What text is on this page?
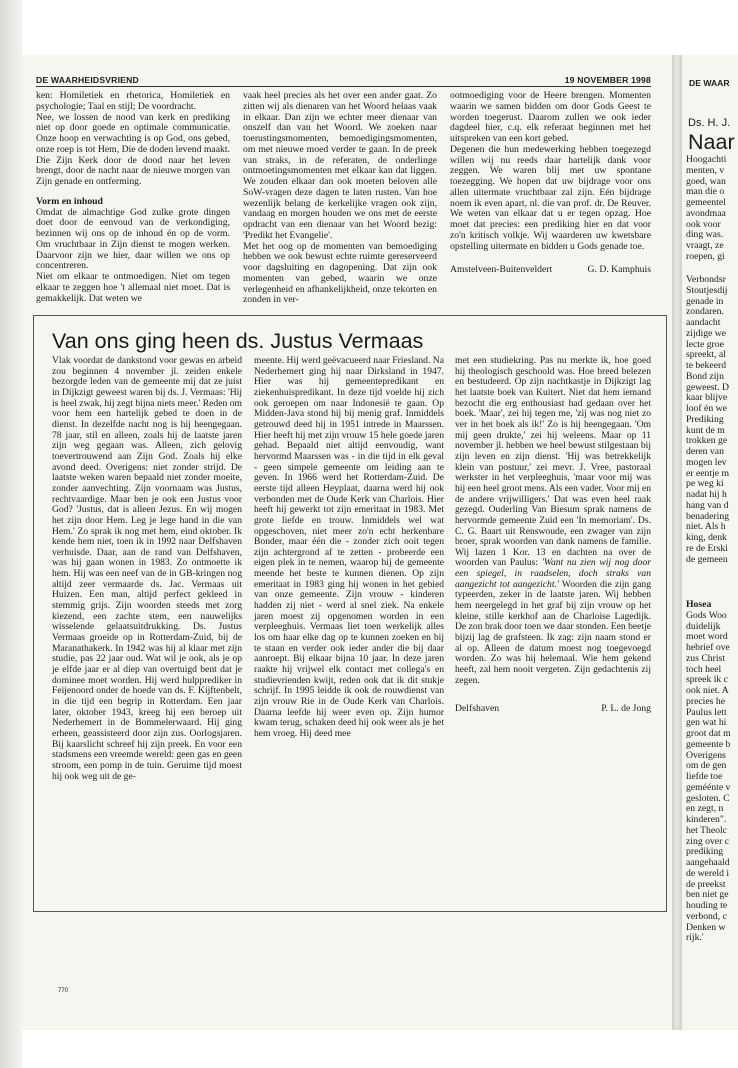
DE WAARHEIDSVRIEND	19 NOVEMBER 1998

ken: Homiletiek en rhetorica, Homiletiek en psychologie; Taal en stijl; De voordracht.

Nee, we lossen de nood van kerk en prediking niet op door goede en optimale communicatie. Onze hoop en verwachting is op God, ons gebed, onze roep is tot Hem, Die de doden levend maakt. Die Zijn Kerk door de dood naar het leven brengt, door de nacht naar de nieuwe morgen van Zijn genade en ontferming.

Vorm en inhoud

Omdat de almachtige God zulke grote dingen doet door de eenvoud van de verkondiging, bezinnen wij ons op de inhoud én op de vorm. Om vruchtbaar in Zijn dienst te mogen werken. Daarvoor zijn we hier, daar willen we ons op concentreren.

Niet om elkaar te ontmoedigen. Niet om tegen elkaar te zeggen hoe 't allemaal niet moet. Dat is gemakkelijk. Dat weten we

vaak heel precies als het over een ander gaat. Zo zitten wij als dienaren van het Woord helaas vaak in elkaar. Dan zijn we echter meer dienaar van onszelf dan van het Woord. We zoeken naar toerustingsmomenten, bemoedigingsmomenten, om met nieuwe moed verder te gaan. In de preek van straks, in de referaten, de onderlinge ontmoetingsmomenten met elkaar kan dat liggen. We zouden elkaar dan ook moeten beloven alle SoW-vragen deze dagen te laten rusten. Van hoe wezenlijk belang de kerkelijke vragen ook zijn, vandaag en morgen houden we ons met de eerste opdracht van een dienaar van het Woord bezig: 'Predikt het Evangelie'.

Met het oog op de momenten van bemoediging hebben we ook bewust echte ruimte gereserveerd voor dagsluiting en dagopening. Dat zijn ook momenten van gebed, waarin we onze verlegenheid en afhankelijkheid, onze tekorten en zonden in ver-

ootmoediging voor de Heere brengen. Momenten waarin we samen bidden om door Gods Geest te worden toegerust. Daarom zullen we ook ieder dagdeel hier, c.q. elk referaat beginnen met het uitspreken van een kort gebed.

Degenen die hun medewerking hebben toegezegd willen wij nu reeds daar hartelijk dank voor zeggen. We waren blij met uw spontane toezegging. We hopen dat uw bijdrage voor ons allen uitermate vruchtbaar zal zijn. Eén bijdrage noem ik even apart, nl. die van prof. dr. De Reuver. We weten van elkaar dat u er tegen opzag. Hoe moet dat precies: een prediking hier en dat voor zo'n kritisch volkje. Wij waarderen uw kwetsbare opstelling uitermate en bidden u Gods genade toe.

Amstelveen-Buitenveldert	G. D. Kamphuis
770
Van ons ging heen ds. Justus Vermaas

Vlak voordat de dankstond voor gewas en arbeid zou beginnen 4 november jl. zeiden enkele bezorgde leden van de gemeente mij dat ze juist in Dijkzigt geweest waren bij ds. J. Vermaas: 'Hij is heel zwak, hij zegt bijna niets meer.' Reden om voor hem een hartelijk gebed te doen in de dienst. In dezelfde nacht nog is hij heengegaan. 78 jaar, stil en alleen, zoals hij de laatste jaren zijn weg gegaan was. Alleen, zich gelovig toevertrouwend aan Zijn God. Zoals hij elke avond deed. Overigens: niet zonder strijd. De laatste weken waren bepaald niet zonder moeite, zonder aanvechting. Zijn voornaam was Justus, rechtvaardige. Maar ben je ook een Justus voor God? 'Justus, dat is alleen Jezus. En wij mogen het zijn door Hem. Leg je lege hand in die van Hem.' Zo sprak ik nog met hem, eind oktober. Ik kende hem niet, toen ik in 1992 naar Delfshaven verhuisde. Daar, aan de rand van Delfshaven, was hij gaan wonen in 1983. Zo ontmoette ik hem. Hij was een neef van de in GB-kringen nog altijd zeer vermaarde ds. Jac. Vermaas uit Huizen. Een man, altijd perfect gekleed in stemmig grijs. Zijn woorden steeds met zorg kiezend, een zachte stem, een nauwelijks wisselende gelaatsuitdrukking. Ds. Justus Vermaas groeide op in Rotterdam-Zuid, bij de Maranathakerk. In 1942 was hij al klaar met zijn studie, pas 22 jaar oud. Wat wil je ook, als je op je elfde jaar er al diep van overtuigd bent dat je dominee moet worden. Hij werd hulpprediker in Feijenoord onder de hoede van ds. F. Kijftenbelt, in die tijd een begrip in Rotterdam. Een jaar later, oktober 1943, kreeg hij een beroep uit Nederhemert in de Bommelerwaard. Hij ging erheen, geassisteerd door zijn zus. Oorlogsjaren. Bij kaarslicht schreef hij zijn preek. En voor een stadsmens een vreemde wereld: geen gas en geen stroom, een pomp in de tuin. Geruime tijd moest hij ook weg uit de ge-

meente. Hij werd geëvacueerd naar Friesland. Na Nederhemert ging hij naar Dirksland in 1947. Hier was hij gemeentepredikant en ziekenhuispredikant. In deze tijd voelde hij zich ook geroepen om naar Indonesië te gaan. Op Midden-Java stond hij bij menig graf. Inmiddels getrouwd deed hij in 1951 intrede in Maarssen. Hier heeft hij met zijn vrouw 15 hele goede jaren gehad. Bepaald niet altijd eenvoudig, want hervormd Maarssen was - in die tijd in elk geval - geen simpele gemeente om leiding aan te geven. In 1966 werd het Rotterdam-Zuid. De eerste tijd alleen Heyplaat, daarna werd hij ook verbonden met de Oude Kerk van Charlois. Hier heeft hij gewerkt tot zijn emeritaat in 1983. Met grote liefde en trouw. Inmiddels wel wat opgeschoven, niet meer zo'n echt herkenbare Bonder, maar één die - zonder zich ooit tegen zijn achtergrond af te zetten - probeerde een eigen plek in te nemen, waarop hij de gemeente meende het beste te kunnen dienen. Op zijn emeritaat in 1983 ging hij wonen in het gebied van onze gemeente. Zijn vrouw - kinderen hadden zij niet - werd al snel ziek. Na enkele jaren moest zij opgenomen worden in een verpleeghuis. Vermaas liet toen werkelijk alles los om haar elke dag op te kunnen zoeken en bij te staan en verder ook ieder ander die bij daar aanroept. Bij elkaar bijna 10 jaar. In deze jaren raakte hij vrijwel elk contact met collega's en studievrienden kwijt, reden ook dat ik dit stukje schrijf. In 1995 leidde ik ook de rouwdienst van zijn vrouw Rie in de Oude Kerk van Charlois. Daarna leefde hij weer even op. Zijn humor kwam terug, schaken deed hij ook weer als je het hem vroeg. Hij deed mee

met een studiekring. Pas nu merkte ik, hoe goed hij theologisch geschoold was. Hoe breed belezen en bestudeerd. Op zijn nachtkastje in Dijkzigt lag het laatste boek van Kuitert. Niet dat hem iemand bezocht die erg enthousiast had gedaan over het boek. 'Maar', zei hij tegen me, 'zij was nog niet zo ver in het boek als ik!' Zo is hij heengegaan. 'Om mij geen drukte,' zei hij weleens. Maar op 11 november jl. hebben we heel bewust stilgestaan bij zijn leven en zijn dienst. 'Hij was betrekkelijk klein van postuur,' zei mevr. J. Vree, pastoraal werkster in het verpleeghuis, 'maar voor mij was hij een heel groot mens. Als een vader. Voor mij en de andere vrijwilligers.' Dat was even heel raak gezegd. Ouderling Van Biesum sprak namens de hervormde gemeente Zuid een 'In memoriam'. Ds. C. G. Baart uit Renswoude, een zwager van zijn broer, sprak woorden van dank namens de familie. Wij lazen 1 Kor. 13 en dachten na over de woorden van Paulus: 'Want nu zien wij nog door een spiegel, in raadselen, doch straks van aangezicht tot aangezicht.' Woorden die zijn gang typeerden, zeker in de laatste jaren. Wij hebben hem neergelegd in het graf bij zijn vrouw op het kleine, stille kerkhof aan de Charloise Lagedijk. De zon brak door toen we daar stonden. Een beetje bijzij lag de grafsteen. Ik zag: zijn naam stond er al op. Alleen de datum moest nog toegevoegd worden. Zo was hij helemaal. Wie hem gekend heeft, zal hem nooit vergeten. Zijn gedachtenis zij zegen.

Delfshaven	P. L. de Jong
DE WAAR
Ds. H. J.
Naar

Hoogachti

menten, v

goed, wan

man die o

gemeentel

avondmaa

ook voor

ding was.

vraagt, ze

roepen, gi

Verbondsr

Stoutjesdij

genade in

zondaren.

aandacht

zijdige we

lecte groe

spreekt, al

te bekeerd

Bond zijn

geweest. D

kaar blijve

loof én we

Prediking

kunt de m

trokken ge

deren van

mogen lev

er eentje m

pe weg ki

nadat hij h

hang van d

benadering

niet. Als h

king, denk

re de Erski

de gemeen

Hosea

Gods Woo

duidelijk

moet word

hebrief ove

zus Christ

toch heel

spreek ik c

ook niet. A

precies he

Paulus lett

gen wat hi

groot dat m

gemeente b

Overigens

om de gen

liefde toe

geméénte v

gesloten. C

en zegt, n

kinderen".

het Theolc

zing over c

prediking

aangehaald

de wereld i

de preekst

ben niet ge

houding te

verbond, c

Denken w

rijk.'
